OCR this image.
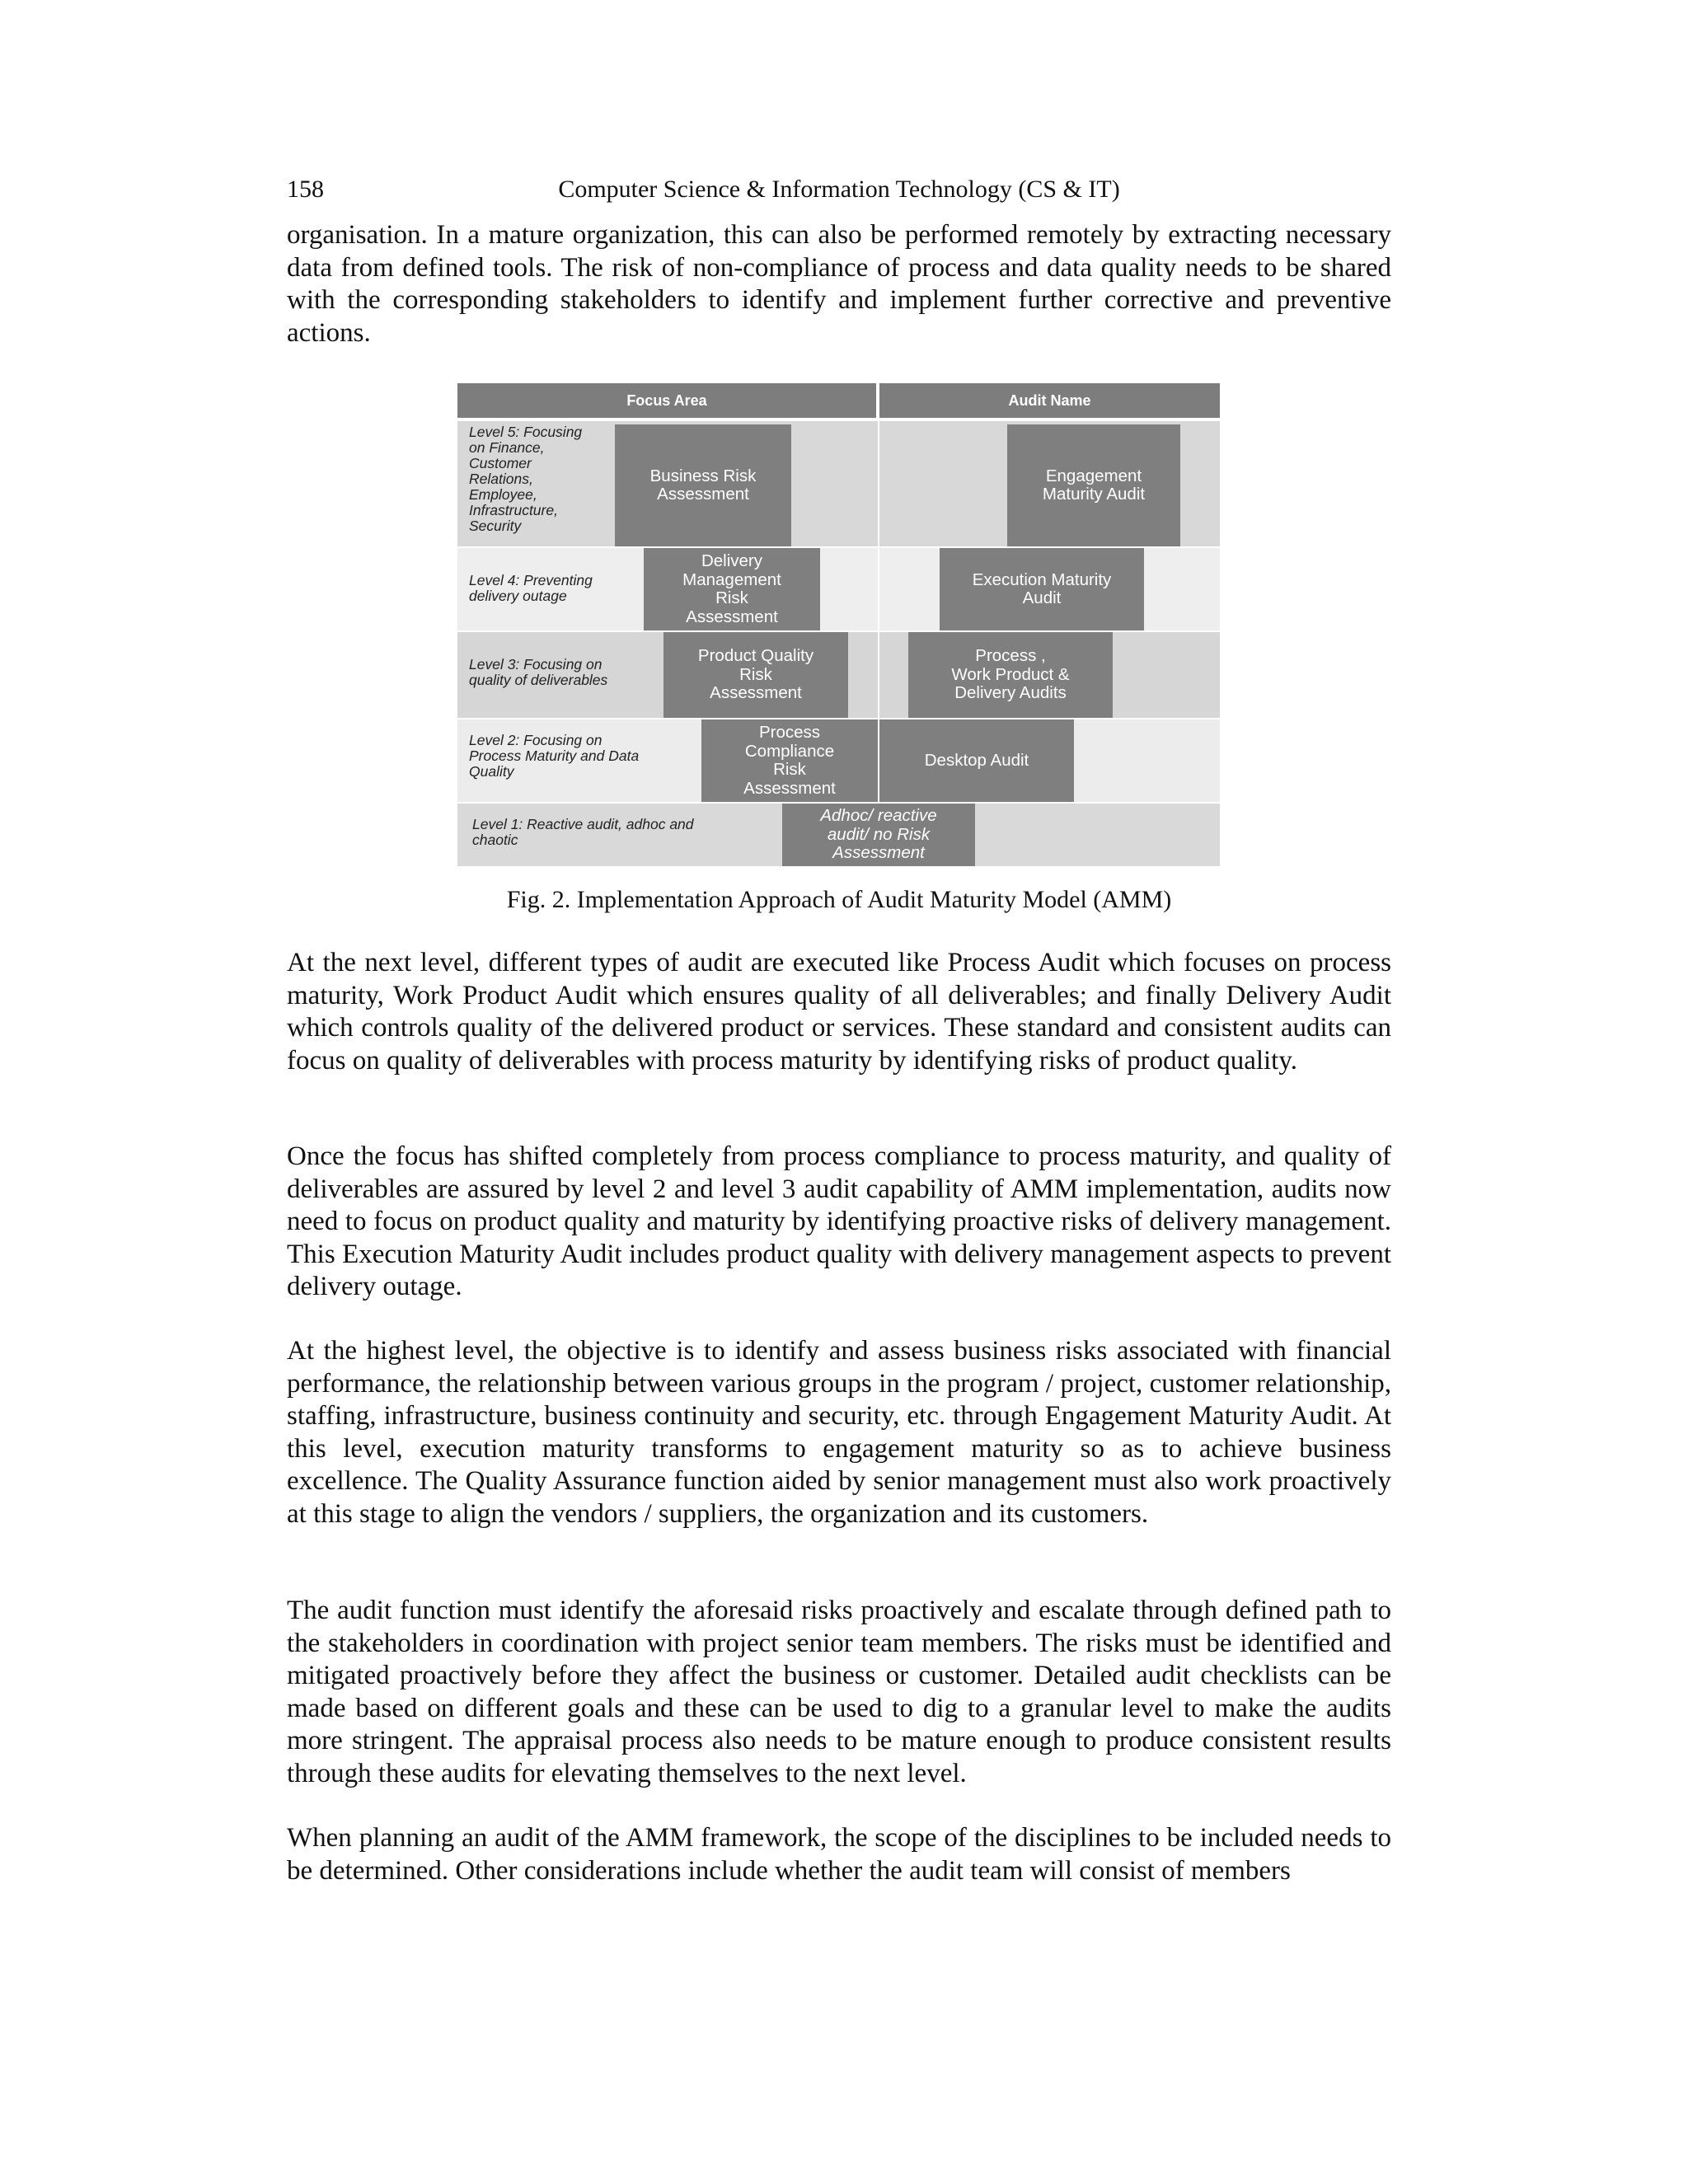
158	Computer Science & Information Technology (CS & IT)

organisation. In a mature organization, this can also be performed remotely by extracting necessary data from defined tools. The risk of non-compliance of process and data quality needs to be shared with the corresponding stakeholders to identify and implement further corrective and preventive actions.

Focus Area	Audit Name
Level 5: Focusing
on Finance,
Customer
Relations,
Employee,
Infrastructure,
Security
Level 4: Preventing
delivery outage
Level 3: Focusing on
quality of deliverables
Level 2: Focusing on
Process Maturity and Data
Quality
Level 1: Reactive audit, adhoc and
chaotic
Business Risk
Assessment
Delivery
Management
Risk
Assessment
Product Quality
Risk
Assessment
Process
Compliance
Risk
Assessment
Adhoc/ reactive
audit/ no Risk
Assessment
Engagement
Maturity Audit
Execution Maturity
Audit
Process ,
Work Product &
Delivery Audits
Desktop Audit
Fig. 2. Implementation Approach of Audit Maturity Model (AMM)

At the next level, different types of audit are executed like Process Audit which focuses on process maturity, Work Product Audit which ensures quality of all deliverables; and finally Delivery Audit which controls quality of the delivered product or services. These standard and consistent audits can focus on quality of deliverables with process maturity by identifying risks of product quality.

Once the focus has shifted completely from process compliance to process maturity, and quality of deliverables are assured by level 2 and level 3 audit capability of AMM implementation, audits now need to focus on product quality and maturity by identifying proactive risks of delivery management. This Execution Maturity Audit includes product quality with delivery management aspects to prevent delivery outage.

At the highest level, the objective is to identify and assess business risks associated with financial performance, the relationship between various groups in the program / project, customer relationship, staffing, infrastructure, business continuity and security, etc. through Engagement Maturity Audit. At this level, execution maturity transforms to engagement maturity so as to achieve business excellence. The Quality Assurance function aided by senior management must also work proactively at this stage to align the vendors / suppliers, the organization and its customers.

The audit function must identify the aforesaid risks proactively and escalate through defined path to the stakeholders in coordination with project senior team members. The risks must be identified and mitigated proactively before they affect the business or customer. Detailed audit checklists can be made based on different goals and these can be used to dig to a granular level to make the audits more stringent. The appraisal process also needs to be mature enough to produce consistent results through these audits for elevating themselves to the next level.

When planning an audit of the AMM framework, the scope of the disciplines to be included needs to be determined. Other considerations include whether the audit team will consist of members
